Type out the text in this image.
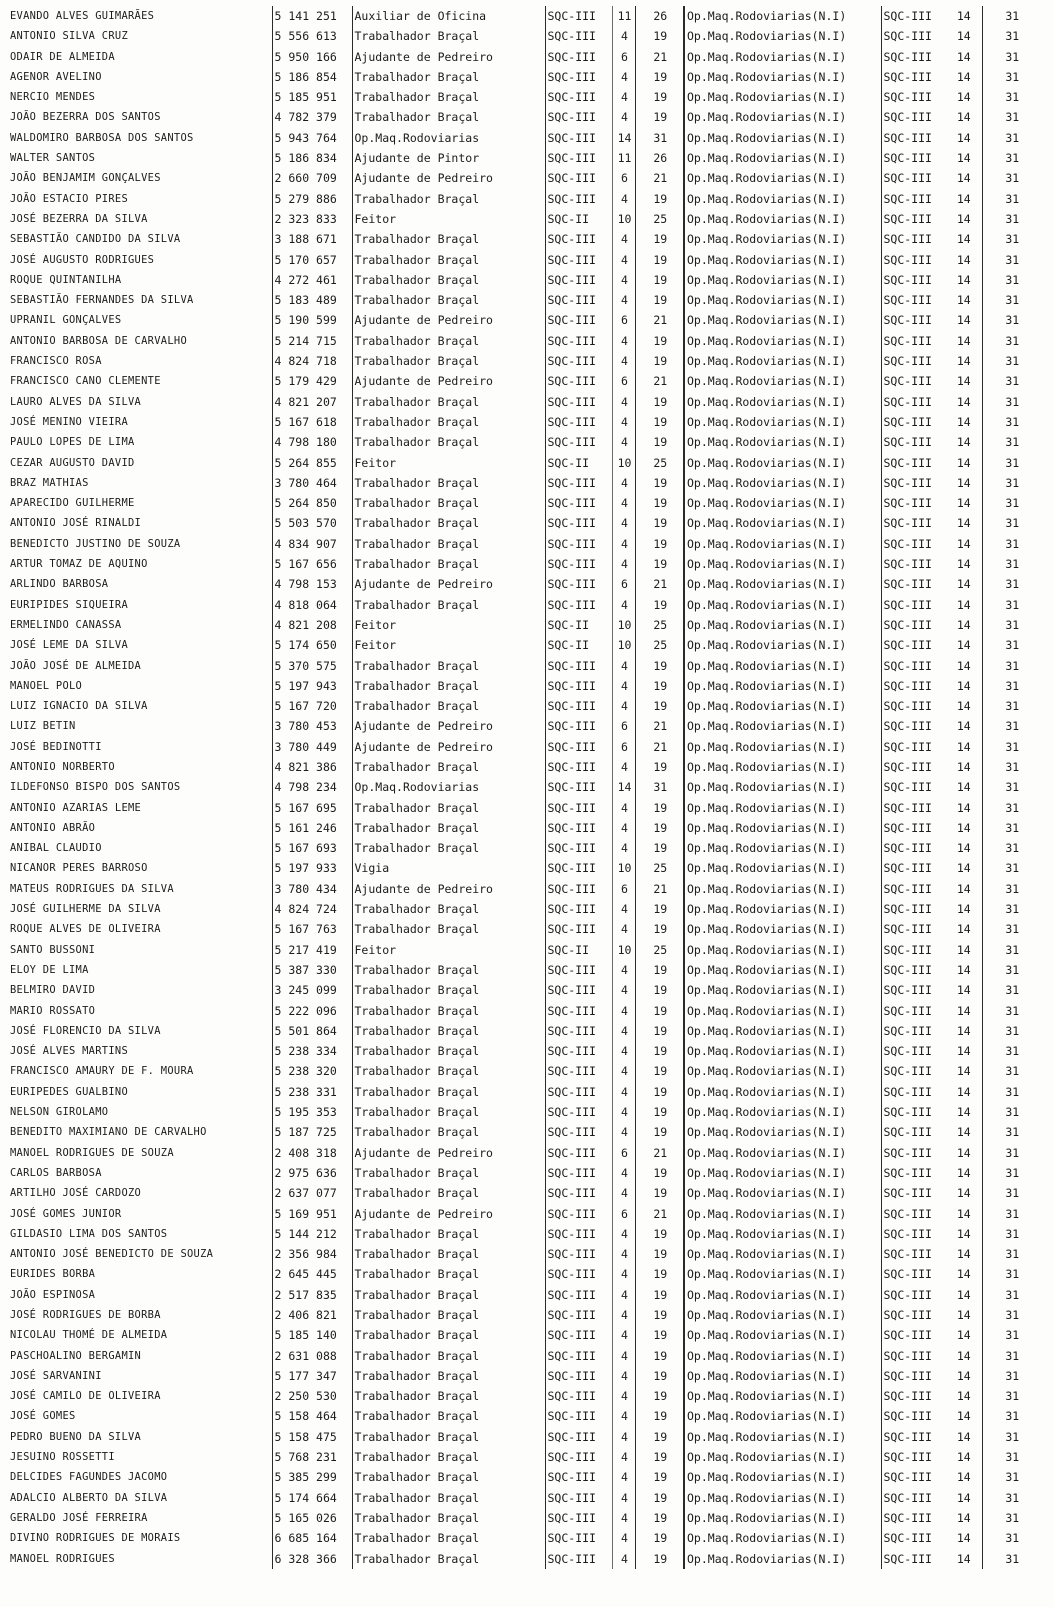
EVANDO ALVES GUIMARÃES	5 141 251	Auxiliar de Oficina	SQC-III	11	26	Op.Maq.Rodoviarias(N.I)	SQC-III	14	31
ANTONIO SILVA CRUZ	5 556 613	Trabalhador Braçal	SQC-III	4	19	Op.Maq.Rodoviarias(N.I)	SQC-III	14	31
ODAIR DE ALMEIDA	5 950 166	Ajudante de Pedreiro	SQC-III	6	21	Op.Maq.Rodoviarias(N.I)	SQC-III	14	31
AGENOR AVELINO	5 186 854	Trabalhador Braçal	SQC-III	4	19	Op.Maq.Rodoviarias(N.I)	SQC-III	14	31
NERCIO MENDES	5 185 951	Trabalhador Braçal	SQC-III	4	19	Op.Maq.Rodoviarias(N.I)	SQC-III	14	31
JOÃO BEZERRA DOS SANTOS	4 782 379	Trabalhador Braçal	SQC-III	4	19	Op.Maq.Rodoviarias(N.I)	SQC-III	14	31
WALDOMIRO BARBOSA DOS SANTOS	5 943 764	Op.Maq.Rodoviarias	SQC-III	14	31	Op.Maq.Rodoviarias(N.I)	SQC-III	14	31
WALTER SANTOS	5 186 834	Ajudante de Pintor	SQC-III	11	26	Op.Maq.Rodoviarias(N.I)	SQC-III	14	31
JOÃO BENJAMIM GONÇALVES	2 660 709	Ajudante de Pedreiro	SQC-III	6	21	Op.Maq.Rodoviarias(N.I)	SQC-III	14	31
JOÃO ESTACIO PIRES	5 279 886	Trabalhador Braçal	SQC-III	4	19	Op.Maq.Rodoviarias(N.I)	SQC-III	14	31
JOSÉ BEZERRA DA SILVA	2 323 833	Feitor	SQC-II	10	25	Op.Maq.Rodoviarias(N.I)	SQC-III	14	31
SEBASTIÃO CANDIDO DA SILVA	3 188 671	Trabalhador Braçal	SQC-III	4	19	Op.Maq.Rodoviarias(N.I)	SQC-III	14	31
JOSÉ AUGUSTO RODRIGUES	5 170 657	Trabalhador Braçal	SQC-III	4	19	Op.Maq.Rodoviarias(N.I)	SQC-III	14	31
ROQUE QUINTANILHA	4 272 461	Trabalhador Braçal	SQC-III	4	19	Op.Maq.Rodoviarias(N.I)	SQC-III	14	31
SEBASTIÃO FERNANDES DA SILVA	5 183 489	Trabalhador Braçal	SQC-III	4	19	Op.Maq.Rodoviarias(N.I)	SQC-III	14	31
UPRANIL GONÇALVES	5 190 599	Ajudante de Pedreiro	SQC-III	6	21	Op.Maq.Rodoviarias(N.I)	SQC-III	14	31
ANTONIO BARBOSA DE CARVALHO	5 214 715	Trabalhador Braçal	SQC-III	4	19	Op.Maq.Rodoviarias(N.I)	SQC-III	14	31
FRANCISCO ROSA	4 824 718	Trabalhador Braçal	SQC-III	4	19	Op.Maq.Rodoviarias(N.I)	SQC-III	14	31
FRANCISCO CANO CLEMENTE	5 179 429	Ajudante de Pedreiro	SQC-III	6	21	Op.Maq.Rodoviarias(N.I)	SQC-III	14	31
LAURO ALVES DA SILVA	4 821 207	Trabalhador Braçal	SQC-III	4	19	Op.Maq.Rodoviarias(N.I)	SQC-III	14	31
JOSÉ MENINO VIEIRA	5 167 618	Trabalhador Braçal	SQC-III	4	19	Op.Maq.Rodoviarias(N.I)	SQC-III	14	31
PAULO LOPES DE LIMA	4 798 180	Trabalhador Braçal	SQC-III	4	19	Op.Maq.Rodoviarias(N.I)	SQC-III	14	31
CEZAR AUGUSTO DAVID	5 264 855	Feitor	SQC-II	10	25	Op.Maq.Rodoviarias(N.I)	SQC-III	14	31
BRAZ MATHIAS	3 780 464	Trabalhador Braçal	SQC-III	4	19	Op.Maq.Rodoviarias(N.I)	SQC-III	14	31
APARECIDO GUILHERME	5 264 850	Trabalhador Braçal	SQC-III	4	19	Op.Maq.Rodoviarias(N.I)	SQC-III	14	31
ANTONIO JOSÉ RINALDI	5 503 570	Trabalhador Braçal	SQC-III	4	19	Op.Maq.Rodoviarias(N.I)	SQC-III	14	31
BENEDICTO JUSTINO DE SOUZA	4 834 907	Trabalhador Braçal	SQC-III	4	19	Op.Maq.Rodoviarias(N.I)	SQC-III	14	31
ARTUR TOMAZ DE AQUINO	5 167 656	Trabalhador Braçal	SQC-III	4	19	Op.Maq.Rodoviarias(N.I)	SQC-III	14	31
ARLINDO BARBOSA	4 798 153	Ajudante de Pedreiro	SQC-III	6	21	Op.Maq.Rodoviarias(N.I)	SQC-III	14	31
EURIPIDES SIQUEIRA	4 818 064	Trabalhador Braçal	SQC-III	4	19	Op.Maq.Rodoviarias(N.I)	SQC-III	14	31
ERMELINDO CANASSA	4 821 208	Feitor	SQC-II	10	25	Op.Maq.Rodoviarias(N.I)	SQC-III	14	31
JOSÉ LEME DA SILVA	5 174 650	Feitor	SQC-II	10	25	Op.Maq.Rodoviarias(N.I)	SQC-III	14	31
JOÃO JOSÉ DE ALMEIDA	5 370 575	Trabalhador Braçal	SQC-III	4	19	Op.Maq.Rodoviarias(N.I)	SQC-III	14	31
MANOEL POLO	5 197 943	Trabalhador Braçal	SQC-III	4	19	Op.Maq.Rodoviarias(N.I)	SQC-III	14	31
LUIZ IGNACIO DA SILVA	5 167 720	Trabalhador Braçal	SQC-III	4	19	Op.Maq.Rodoviarias(N.I)	SQC-III	14	31
LUIZ BETIN	3 780 453	Ajudante de Pedreiro	SQC-III	6	21	Op.Maq.Rodoviarias(N.I)	SQC-III	14	31
JOSÉ BEDINOTTI	3 780 449	Ajudante de Pedreiro	SQC-III	6	21	Op.Maq.Rodoviarias(N.I)	SQC-III	14	31
ANTONIO NORBERTO	4 821 386	Trabalhador Braçal	SQC-III	4	19	Op.Maq.Rodoviarias(N.I)	SQC-III	14	31
ILDEFONSO BISPO DOS SANTOS	4 798 234	Op.Maq.Rodoviarias	SQC-III	14	31	Op.Maq.Rodoviarias(N.I)	SQC-III	14	31
ANTONIO AZARIAS LEME	5 167 695	Trabalhador Braçal	SQC-III	4	19	Op.Maq.Rodoviarias(N.I)	SQC-III	14	31
ANTONIO ABRÃO	5 161 246	Trabalhador Braçal	SQC-III	4	19	Op.Maq.Rodoviarias(N.I)	SQC-III	14	31
ANIBAL CLAUDIO	5 167 693	Trabalhador Braçal	SQC-III	4	19	Op.Maq.Rodoviarias(N.I)	SQC-III	14	31
NICANOR PERES BARROSO	5 197 933	Vigia	SQC-III	10	25	Op.Maq.Rodoviarias(N.I)	SQC-III	14	31
MATEUS RODRIGUES DA SILVA	3 780 434	Ajudante de Pedreiro	SQC-III	6	21	Op.Maq.Rodoviarias(N.I)	SQC-III	14	31
JOSÉ GUILHERME DA SILVA	4 824 724	Trabalhador Braçal	SQC-III	4	19	Op.Maq.Rodoviarias(N.I)	SQC-III	14	31
ROQUE ALVES DE OLIVEIRA	5 167 763	Trabalhador Braçal	SQC-III	4	19	Op.Maq.Rodoviarias(N.I)	SQC-III	14	31
SANTO BUSSONI	5 217 419	Feitor	SQC-II	10	25	Op.Maq.Rodoviarias(N.I)	SQC-III	14	31
ELOY DE LIMA	5 387 330	Trabalhador Braçal	SQC-III	4	19	Op.Maq.Rodoviarias(N.I)	SQC-III	14	31
BELMIRO DAVID	3 245 099	Trabalhador Braçal	SQC-III	4	19	Op.Maq.Rodoviarias(N.I)	SQC-III	14	31
MARIO ROSSATO	5 222 096	Trabalhador Braçal	SQC-III	4	19	Op.Maq.Rodoviarias(N.I)	SQC-III	14	31
JOSÉ FLORENCIO DA SILVA	5 501 864	Trabalhador Braçal	SQC-III	4	19	Op.Maq.Rodoviarias(N.I)	SQC-III	14	31
JOSÉ ALVES MARTINS	5 238 334	Trabalhador Braçal	SQC-III	4	19	Op.Maq.Rodoviarias(N.I)	SQC-III	14	31
FRANCISCO AMAURY DE F. MOURA	5 238 320	Trabalhador Braçal	SQC-III	4	19	Op.Maq.Rodoviarias(N.I)	SQC-III	14	31
EURIPEDES GUALBINO	5 238 331	Trabalhador Braçal	SQC-III	4	19	Op.Maq.Rodoviarias(N.I)	SQC-III	14	31
NELSON GIROLAMO	5 195 353	Trabalhador Braçal	SQC-III	4	19	Op.Maq.Rodoviarias(N.I)	SQC-III	14	31
BENEDITO MAXIMIANO DE CARVALHO	5 187 725	Trabalhador Braçal	SQC-III	4	19	Op.Maq.Rodoviarias(N.I)	SQC-III	14	31
MANOEL RODRIGUES DE SOUZA	2 408 318	Ajudante de Pedreiro	SQC-III	6	21	Op.Maq.Rodoviarias(N.I)	SQC-III	14	31
CARLOS BARBOSA	2 975 636	Trabalhador Braçal	SQC-III	4	19	Op.Maq.Rodoviarias(N.I)	SQC-III	14	31
ARTILHO JOSÉ CARDOZO	2 637 077	Trabalhador Braçal	SQC-III	4	19	Op.Maq.Rodoviarias(N.I)	SQC-III	14	31
JOSÉ GOMES JUNIOR	5 169 951	Ajudante de Pedreiro	SQC-III	6	21	Op.Maq.Rodoviarias(N.I)	SQC-III	14	31
GILDASIO LIMA DOS SANTOS	5 144 212	Trabalhador Braçal	SQC-III	4	19	Op.Maq.Rodoviarias(N.I)	SQC-III	14	31
ANTONIO JOSÉ BENEDICTO DE SOUZA	2 356 984	Trabalhador Braçal	SQC-III	4	19	Op.Maq.Rodoviarias(N.I)	SQC-III	14	31
EURIDES BORBA	2 645 445	Trabalhador Braçal	SQC-III	4	19	Op.Maq.Rodoviarias(N.I)	SQC-III	14	31
JOÃO ESPINOSA	2 517 835	Trabalhador Braçal	SQC-III	4	19	Op.Maq.Rodoviarias(N.I)	SQC-III	14	31
JOSÉ RODRIGUES DE BORBA	2 406 821	Trabalhador Braçal	SQC-III	4	19	Op.Maq.Rodoviarias(N.I)	SQC-III	14	31
NICOLAU THOMÉ DE ALMEIDA	5 185 140	Trabalhador Braçal	SQC-III	4	19	Op.Maq.Rodoviarias(N.I)	SQC-III	14	31
PASCHOALINO BERGAMIN	2 631 088	Trabalhador Braçal	SQC-III	4	19	Op.Maq.Rodoviarias(N.I)	SQC-III	14	31
JOSÉ SARVANINI	5 177 347	Trabalhador Braçal	SQC-III	4	19	Op.Maq.Rodoviarias(N.I)	SQC-III	14	31
JOSÉ CAMILO DE OLIVEIRA	2 250 530	Trabalhador Braçal	SQC-III	4	19	Op.Maq.Rodoviarias(N.I)	SQC-III	14	31
JOSÉ GOMES	5 158 464	Trabalhador Braçal	SQC-III	4	19	Op.Maq.Rodoviarias(N.I)	SQC-III	14	31
PEDRO BUENO DA SILVA	5 158 475	Trabalhador Braçal	SQC-III	4	19	Op.Maq.Rodoviarias(N.I)	SQC-III	14	31
JESUINO ROSSETTI	5 768 231	Trabalhador Braçal	SQC-III	4	19	Op.Maq.Rodoviarias(N.I)	SQC-III	14	31
DELCIDES FAGUNDES JACOMO	5 385 299	Trabalhador Braçal	SQC-III	4	19	Op.Maq.Rodoviarias(N.I)	SQC-III	14	31
ADALCIO ALBERTO DA SILVA	5 174 664	Trabalhador Braçal	SQC-III	4	19	Op.Maq.Rodoviarias(N.I)	SQC-III	14	31
GERALDO JOSÉ FERREIRA	5 165 026	Trabalhador Braçal	SQC-III	4	19	Op.Maq.Rodoviarias(N.I)	SQC-III	14	31
DIVINO RODRIGUES DE MORAIS	6 685 164	Trabalhador Braçal	SQC-III	4	19	Op.Maq.Rodoviarias(N.I)	SQC-III	14	31
MANOEL RODRIGUES	6 328 366	Trabalhador Braçal	SQC-III	4	19	Op.Maq.Rodoviarias(N.I)	SQC-III	14	31
